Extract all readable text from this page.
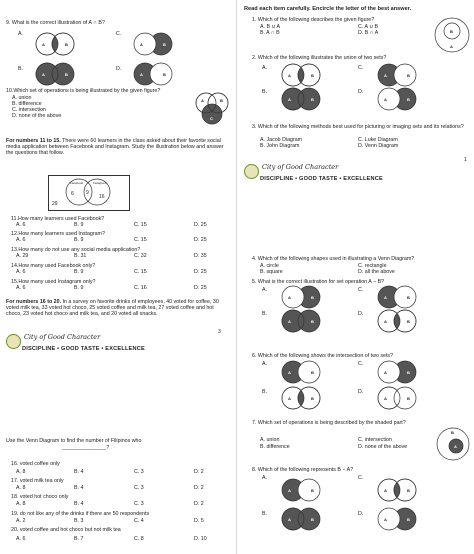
9. What is the correct illustration of A ∩ B?
A.	C.
B.	D.
A	B	A	B
A	B	A	B
10.Which set of operations is being illustrated by the given figure?
A. union
B. difference
C. intersection
D. none of the above
A	B
C
For numbers 11 to 15. There were 60 learners in the class asked about their favorite social media application between Facebook and Instagram. Study the illustration below and answer the questions that follow.
Facebook	Instagram
6 9
16
29
11.How many learners used Facebook?
A. 6	B. 9	C. 15	D. 25
12.How many learners used Instagram?
A. 6	B. 9	C. 15	D. 25
13.How many do not use any social media application?
A. 29	B. 31	C. 32	D. 35
14.How many used Facebook only?
A. 6	B. 9	C. 15	D. 25
15.How many used Instagram only?
A. 6	B. 9	C. 16	D. 25
For numbers 16 to 20. In a survey on favorite drinks of employees, 40 voted for coffee, 30 voted milk tea, 33 voted hot choco, 25 voted coffee and milk tea, 27 voted coffee and hot choco, 23 voted hot choco and milk tea, and 20 voted all snacks.
3
City of Good Character
DISCIPLINE • GOOD TASTE • EXCELLENCE
Use the Venn Diagram to find the number of Filipinos who
_______________?
16. voted coffee only
A. 8	B. 4	C. 3	D. 2
17. voted milk tea only
A. 8	B. 4	C. 3	D. 2
18. voted hot choco only
A. 8	B. 4	C. 3	D. 2
19. do not like any of the drinks if there are 50 respondents
A. 2	B. 3	C. 4	D. 5
20. voted coffee and hot choco but not milk tea
A. 6	B. 7	C. 8	D. 10
Read each item carefully. Encircle the letter of the best answer.
1. Which of the following describes the given figure?
A. B ∪ A
B. A ∩ B
C. A ∪ B
D. B ∩ A	B
A
2. Which of the following illustrates the union of two sets?
A.	C.
B.	D.
A	B	A	B
A	B	A	B
3. Which of the following methods best used for picturing or imaging sets and its relations?
A. Jacob Diagram
B. John Diagram
C. Luke Diagram
D. Venn Diagram
1
City of Good Character
DISCIPLINE • GOOD TASTE • EXCELLENCE
4. Which of the following shapes used in illustrating a Venn Diagram?
A. circle
B. square
C. rectangle
D. all the above
5. What is the correct illustration for set operation A − B?
A.	C.
B.	D.
A	B	A	B
A	B	A	B
6. Which of the following shows the intersection of two sets?
A.	C.
B.	D.
A	B	A	B
A	B	A	B
7. Which set of operations is being described by the shaded part?
A. union
B. difference
C. intersection
D. none of the above
B
A
8. Which of the following represents B − A?
A.	C.
B.	D.
A	B	A	B
A	B	A	B
